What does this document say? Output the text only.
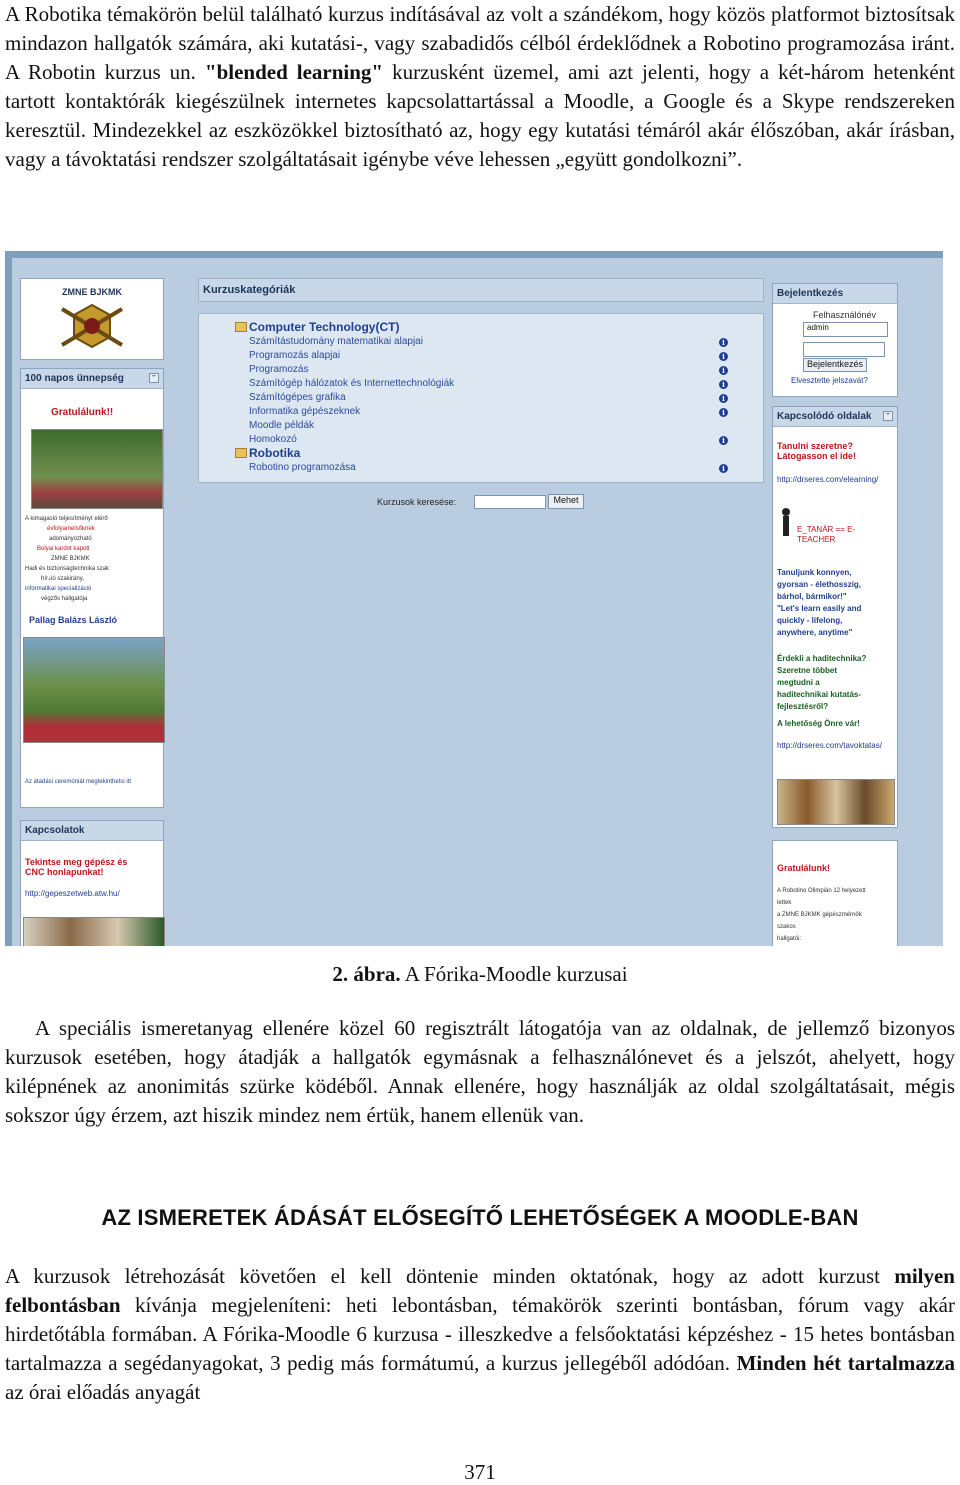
A Robotika témakörön belül található kurzus indításával az volt a szándékom, hogy közös platformot biztosítsak mindazon hallgatók számára, aki kutatási-, vagy szabadidős célból érdeklődnek a Robotino programozása iránt. A Robotin kurzus un. "blended learning" kurzusként üzemel, ami azt jelenti, hogy a két-három hetenként tartott kontaktórák kiegészülnek internetes kapcsolattartással a Moodle, a Google és a Skype rendszereken keresztül. Mindezekkel az eszközökkel biztosítható az, hogy egy kutatási témáról akár élőszóban, akár írásban, vagy a távoktatási rendszer szolgáltatásait igénybe véve lehessen „együtt gondolkozni”.
ZMNE BJKMK
100 napos ünnepség	–
Gratulálunk!!
A kimagasló teljesítményt elérő
évfolyamelsőknek
adományozható
Bolyai kardot kapott
ZMNE BJKMK
Hadi és biztonságtechnika szak
hírادó szakirány,
informatikai specializáció
végzős hallgatója
Pallag Balázs László
Az átadási ceremóniát megtekinthetsi itt
Kapcsolatok
Tekintse meg gépész és
CNC honlapunkat!
http://gepeszetweb.atw.hu/
Kurzuskategóriák
Computer Technology(CT)
Számítástudomány matematikai alapjai
Programozás alapjai
Programozás
Számítógép hálózatok és Internettechnológiák
Számítógépes grafika
Informatika gépészeknek
Moodle példák
Homokozó
Robotika
Robotino programozása
i
i
i
i
i
i
i
i
Kurzusok keresése:	Mehet
Bejelentkezés
Felhasználónév
admin
Bejelentkezés
Elvesztette jelszavát?
Kapcsolódó oldalak	–
Tanulni szeretne?
Látogasson el ide!
http://drseres.com/elearning/
E_TANÁR == E-TEACHER
Tanuljunk konnyen,
gyorsan - élethosszig,
bárhol, bármikor!"
"Let's learn easily and
quickly - lifelong,
anywhere, anytime"
Érdekli a haditechnika?
Szeretne többet
megtudni a
haditechnikai kutatás-
fejlesztésről?
A lehetőség Önre vár!
http://drseres.com/tavoktatas/
Gratulálunk!
A Robotino Olimpián 12 helyezett
lettek
a ZMNE BJKMK gépészmérnök
szakos
hallgatói:
2. ábra. A Fórika-Moodle kurzusai

A speciális ismeretanyag ellenére közel 60 regisztrált látogatója van az oldalnak, de jellemző bizonyos kurzusok esetében, hogy átadják a hallgatók egymásnak a felhasználónevet és a jelszót, ahelyett, hogy kilépnének az anonimitás szürke ködéből. Annak ellenére, hogy használják az oldal szolgáltatásait, mégis sokszor úgy érzem, azt hiszik mindez nem értük, hanem ellenük van.

AZ ISMERETEK ÁDÁSÁT ELŐSEGÍTŐ LEHETŐSÉGEK A MOODLE-BAN

A kurzusok létrehozását követően el kell döntenie minden oktatónak, hogy az adott kurzust milyen felbontásban kívánja megjeleníteni: heti lebontásban, témakörök szerinti bontásban, fórum vagy akár hirdetőtábla formában. A Fórika-Moodle 6 kurzusa - illeszkedve a felsőoktatási képzéshez - 15 hetes bontásban tartalmazza a segédanyagokat, 3 pedig más formátumú, a kurzus jellegéből adódóan. Minden hét tartalmazza az órai előadás anyagát

371
